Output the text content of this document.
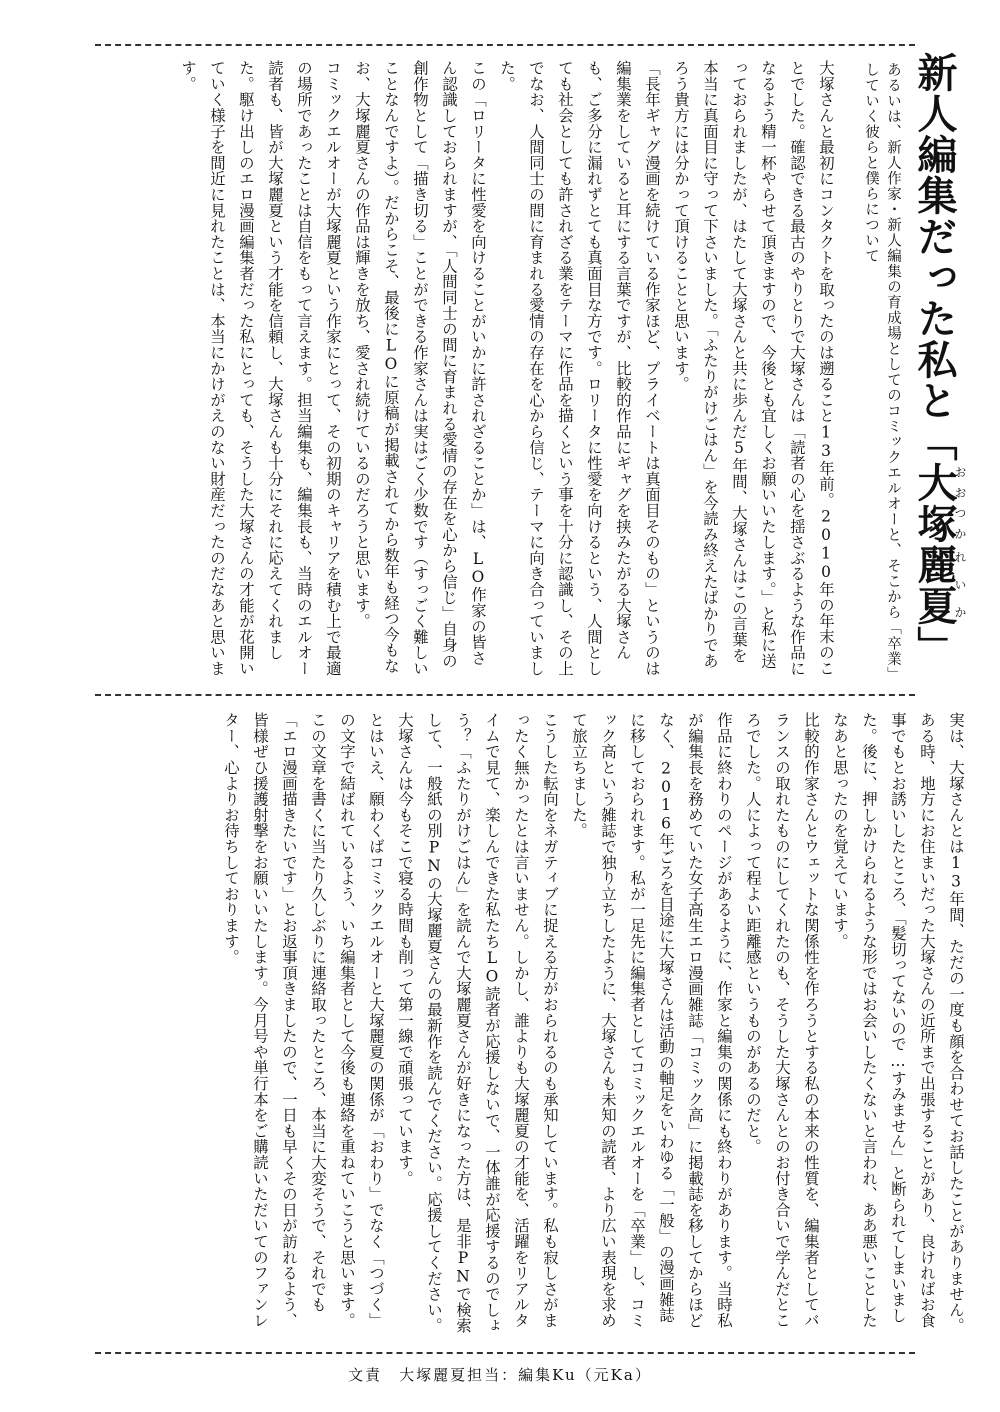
新人編集だった私と「大塚おおつか麗夏れいか」

あるいは、新人作家・新人編集の育成場としてのコミックエルオーと、そこから「卒業」していく彼らと僕らについて

大塚さんと最初にコンタクトを取ったのは遡ること13年前。2010年の年末のことでした。確認できる最古のやりとりで大塚さんは「読者の心を揺さぶるような作品になるよう精一杯やらせて頂きますので、今後とも宜しくお願いいたします。」と私に送っておられましたが、はたして大塚さんと共に歩んだ5年間、大塚さんはこの言葉を本当に真面目に守って下さいました。「ふたりがけごはん」を今読み終えたばかりであろう貴方には分かって頂けることと思います。

「長年ギャグ漫画を続けている作家ほど、プライベートは真面目そのもの」というのは編集業をしていると耳にする言葉ですが、比較的作品にギャグを挟みたがる大塚さんも、ご多分に漏れずとても真面目な方です。ロリータに性愛を向けるという、人間としても社会としても許されざる業をテーマに作品を描くという事を十分に認識し、その上でなお、人間同士の間に育まれる愛情の存在を心から信じ、テーマに向き合っていました。

この「ロリータに性愛を向けることがいかに許されざることか」は、LO作家の皆さん認識しておられますが、「人間同士の間に育まれる愛情の存在を心から信じ」自身の創作物として「描き切る」ことができる作家さんは実はごく少数です（すっごく難しいことなんですよ）。だからこそ、最後にLOに原稿が掲載されてから数年も経つ今もなお、大塚麗夏さんの作品は輝きを放ち、愛され続けているのだろうと思います。

コミックエルオーが大塚麗夏という作家にとって、その初期のキャリアを積む上で最適の場所であったことは自信をもって言えます。担当編集も、編集長も、当時のエルオー読者も、皆が大塚麗夏という才能を信頼し、大塚さんも十分にそれに応えてくれました。駆け出しのエロ漫画編集者だった私にとっても、そうした大塚さんの才能が花開いていく様子を間近に見れたことは、本当にかけがえのない財産だったのだなあと思います。

実は、大塚さんとは13年間、ただの一度も顔を合わせてお話したことがありません。ある時、地方にお住まいだった大塚さんの近所まで出張することがあり、良ければお食事でもとお誘いしたところ、「髪切ってないので…すみません」と断られてしまいました。後に、押しかけられるような形ではお会いしたくないと言われ、ああ悪いことしたなあと思ったのを覚えています。

比較的作家さんとウェットな関係性を作ろうとする私の本来の性質を、編集者としてバランスの取れたものにしてくれたのも、そうした大塚さんとのお付き合いで学んだところでした。人によって程よい距離感というものがあるのだと。

作品に終わりのページがあるように、作家と編集の関係にも終わりがあります。当時私が編集長を務めていた女子高生エロ漫画雑誌「コミック高」に掲載誌を移してからほどなく、2016年ごろを目途に大塚さんは活動の軸足をいわゆる「一般」の漫画雑誌に移しておられます。私が一足先に編集者としてコミックエルオーを「卒業」し、コミック高という雑誌で独り立ちしたように、大塚さんも未知の読者、より広い表現を求めて旅立ちました。

こうした転向をネガティブに捉える方がおられるのも承知しています。私も寂しさがまったく無かったとは言いません。しかし、誰よりも大塚麗夏の才能を、活躍をリアルタイムで見て、楽しんできた私たちLO読者が応援しないで、一体誰が応援するのでしょう？「ふたりがけごはん」を読んで大塚麗夏さんが好きになった方は、是非PNで検索して、一般紙の別PNの大塚麗夏さんの最新作を読んでください。応援してください。大塚さんは今もそこで寝る時間も削って第一線で頑張っています。

とはいえ、願わくばコミックエルオーと大塚麗夏の関係が「おわり」でなく「つづく」の文字で結ばれているよう、いち編集者として今後も連絡を重ねていこうと思います。この文章を書くに当たり久しぶりに連絡取ったところ、本当に大変そうで、それでも「エロ漫画描きたいです」とお返事頂きましたので、一日も早くその日が訪れるよう、皆様ぜひ援護射撃をお願いいたします。今月号や単行本をご購読いただいてのファンレター、心よりお待ちしております。

文責　大塚麗夏担当：編集Ku（元Ka）
